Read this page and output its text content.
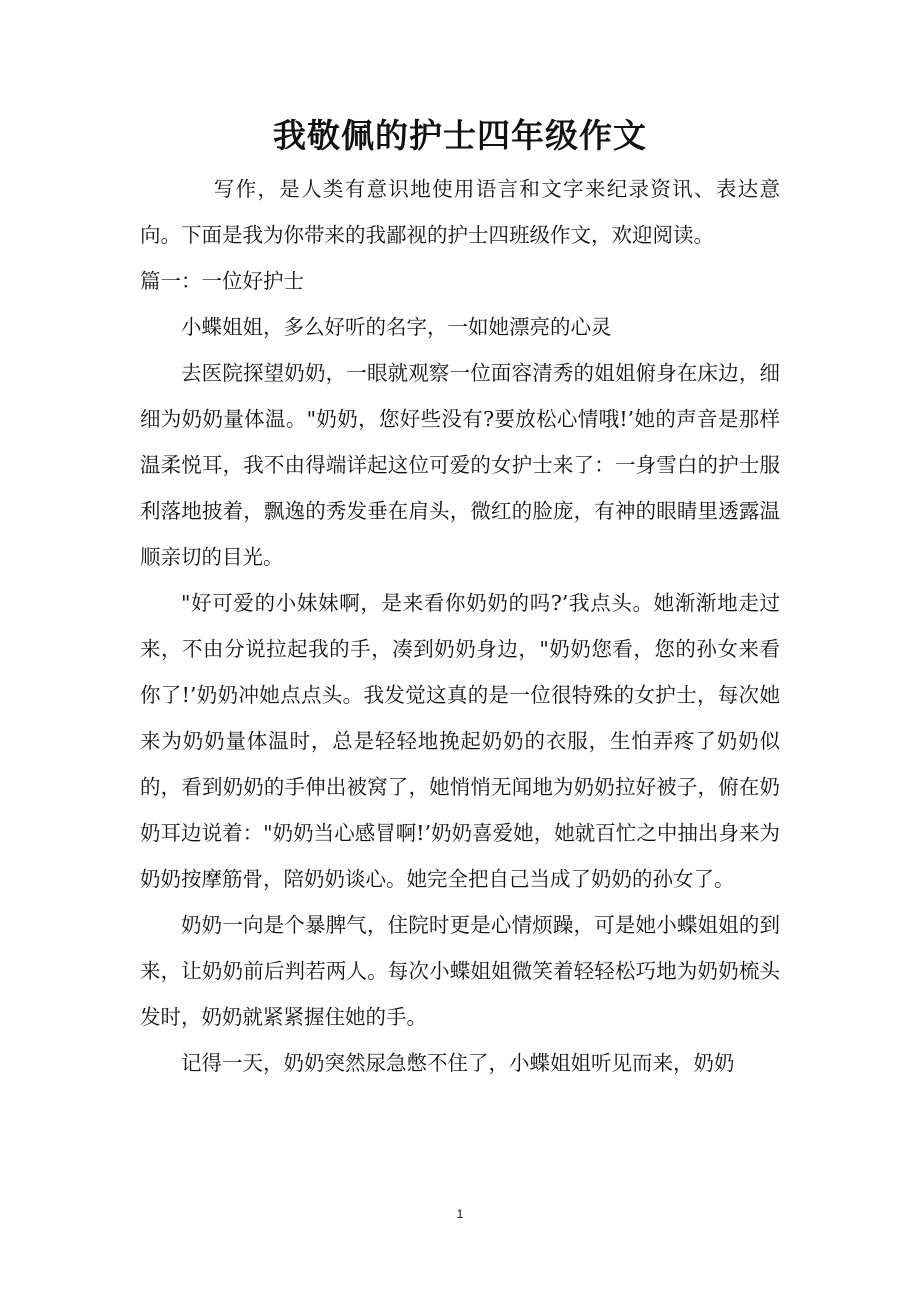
我敬佩的护士四年级作文

写作，是人类有意识地使用语言和文字来纪录资讯、表达意向。下面是我为你带来的我鄙视的护士四班级作文，欢迎阅读。

篇一：一位好护士

小蝶姐姐，多么好听的名字，一如她漂亮的心灵

去医院探望奶奶，一眼就观察一位面容清秀的姐姐俯身在床边，细细为奶奶量体温。"奶奶，您好些没有?要放松心情哦!’她的声音是那样温柔悦耳，我不由得端详起这位可爱的女护士来了：一身雪白的护士服利落地披着，飘逸的秀发垂在肩头，微红的脸庞，有神的眼睛里透露温顺亲切的目光。

"好可爱的小妹妹啊，是来看你奶奶的吗?’我点头。她渐渐地走过来，不由分说拉起我的手，凑到奶奶身边，"奶奶您看，您的孙女来看你了!’奶奶冲她点点头。我发觉这真的是一位很特殊的女护士，每次她来为奶奶量体温时，总是轻轻地挽起奶奶的衣服，生怕弄疼了奶奶似的，看到奶奶的手伸出被窝了，她悄悄无闻地为奶奶拉好被子，俯在奶奶耳边说着："奶奶当心感冒啊!’奶奶喜爱她，她就百忙之中抽出身来为奶奶按摩筋骨，陪奶奶谈心。她完全把自己当成了奶奶的孙女了。

奶奶一向是个暴脾气，住院时更是心情烦躁，可是她小蝶姐姐的到来，让奶奶前后判若两人。每次小蝶姐姐微笑着轻轻松巧地为奶奶梳头发时，奶奶就紧紧握住她的手。

记得一天，奶奶突然尿急憋不住了，小蝶姐姐听见而来，奶奶

1
